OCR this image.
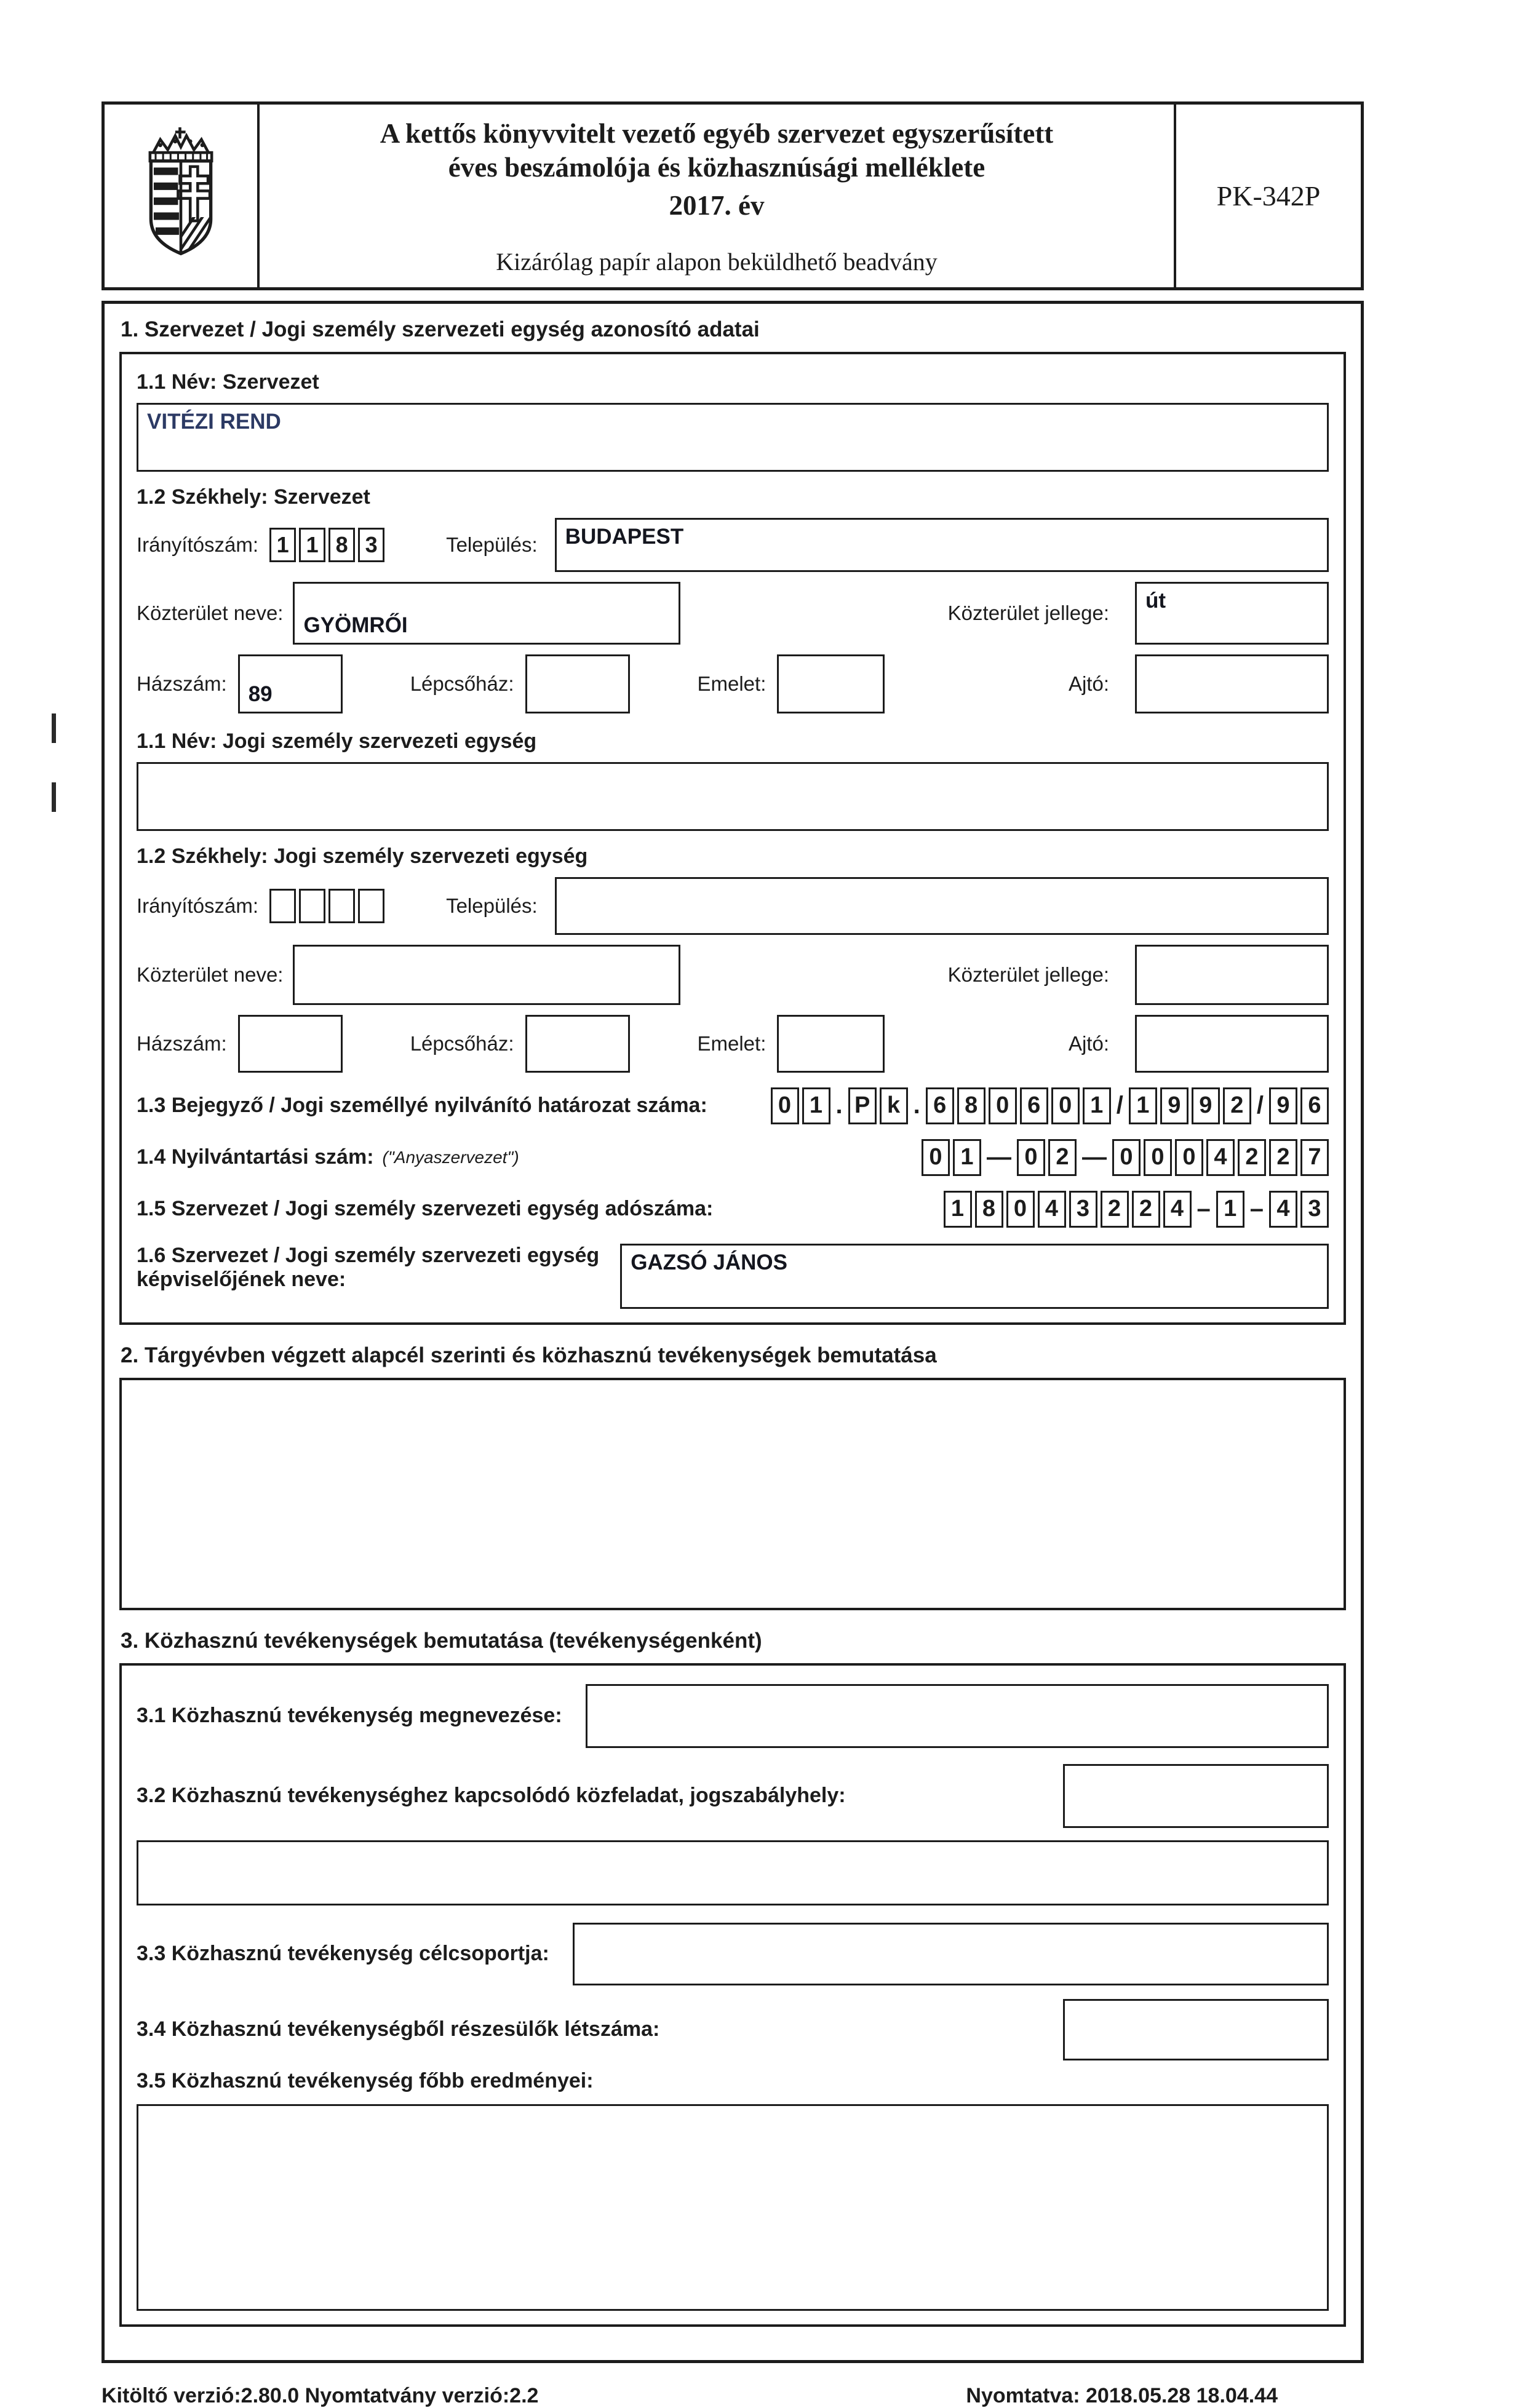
A kettős könyvvitelt vezető egyéb szervezet egyszerűsített
éves beszámolója és közhasznúsági melléklete
2017. év
Kizárólag papír alapon beküldhető beadvány
PK-342P
1. Szervezet / Jogi személy szervezeti egység azonosító adatai
1.1 Név: Szervezet
VITÉZI REND
1.2 Székhely: Szervezet
Irányítószám: 1 1 8 3	Település:	BUDAPEST
Közterület neve:
GYÖMRŐI
Közterület jellege:
út
Házszám: 89	Lépcsőház:	Emelet:	Ajtó:
1.1 Név: Jogi személy szervezeti egység
1.2 Székhely: Jogi személy szervezeti egység
Irányítószám:	Település:
Közterület neve:	Közterület jellege:
Házszám:	Lépcsőház:	Emelet:	Ajtó:
1.3 Bejegyző / Jogi személlyé nyilvánító határozat száma:	0 1 . P k . 6 8 0 6 0 1 / 1 9 9 2 / 9 6
1.4 Nyilvántartási szám: ("Anyaszervezet")	0 1 — 0 2 — 0 0 0 4 2 2 7
1.5 Szervezet / Jogi személy szervezeti egység adószáma:	1 8 0 4 3 2 2 4 – 1 – 4 3
1.6 Szervezet / Jogi személy szervezeti egység
képviselőjének neve:
GAZSÓ JÁNOS
2. Tárgyévben végzett alapcél szerinti és közhasznú tevékenységek bemutatása
3. Közhasznú tevékenységek bemutatása (tevékenységenként)
3.1 Közhasznú tevékenység megnevezése:
3.2 Közhasznú tevékenységhez kapcsolódó közfeladat, jogszabályhely:
3.3 Közhasznú tevékenység célcsoportja:
3.4 Közhasznú tevékenységből részesülők létszáma:
3.5 Közhasznú tevékenység főbb eredményei:
Kitöltő verzió:2.80.0 Nyomtatvány verzió:2.2	Nyomtatva: 2018.05.28 18.04.44
